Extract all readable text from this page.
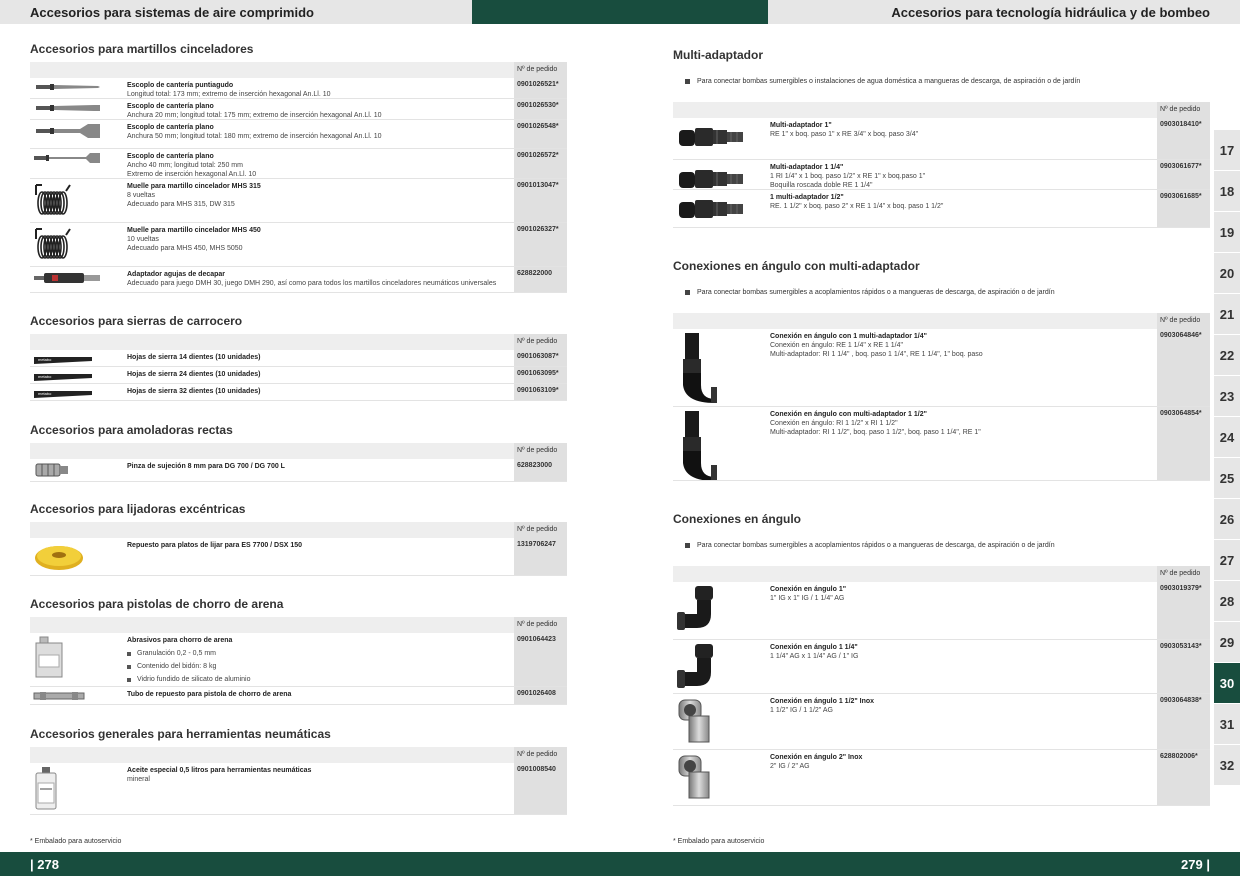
Accesorios para sistemas de aire comprimido	Accesorios para tecnología hidráulica y de bombeo
Accesorios para martillos cinceladores
Nº de pedido
Escoplo de cantería puntiagudo
Longitud total: 173 mm; extremo de inserción hexagonal An.Ll. 10
0901026521*
Escoplo de cantería plano
Anchura 20 mm; longitud total: 175 mm; extremo de inserción hexagonal An.Ll. 10
0901026530*
Escoplo de cantería plano
Anchura 50 mm; longitud total: 180 mm; extremo de inserción hexagonal An.Ll. 10
0901026548*
Escoplo de cantería plano
Ancho 40 mm; longitud total: 250 mm
Extremo de inserción hexagonal An.Ll. 10
0901026572*
Muelle para martillo cincelador MHS 315
8 vueltas
Adecuado para MHS 315, DW 315
0901013047*
Muelle para martillo cincelador MHS 450
10 vueltas
Adecuado para MHS 450, MHS 5050
0901026327*
Adaptador agujas de decapar
Adecuado para juego DMH 30, juego DMH 290, así como para todos los martillos cinceladores neumáticos universales
628822000
Accesorios para sierras de carrocero
Nº de pedido
metabo	Hojas de sierra 14 dientes (10 unidades)	0901063087*
metabo	Hojas de sierra 24 dientes (10 unidades)	0901063095*
metabo	Hojas de sierra 32 dientes (10 unidades)	0901063109*
Accesorios para amoladoras rectas
Nº de pedido
Pinza de sujeción 8 mm para DG 700 / DG 700 L	628823000
Accesorios para lijadoras excéntricas
Nº de pedido
Repuesto para platos de lijar para ES 7700 / DSX 150	1319706247
Accesorios para pistolas de chorro de arena
Nº de pedido
Abrasivos para chorro de arena
Granulación 0,2 - 0,5 mm
Contenido del bidón: 8 kg
Vidrio fundido de silicato de aluminio
0901064423
Tubo de repuesto para pistola de chorro de arena	0901026408
Accesorios generales para herramientas neumáticas
Nº de pedido
Aceite especial 0,5 litros para herramientas neumáticas
mineral
0901008540
Multi-adaptador
Para conectar bombas sumergibles o instalaciones de agua doméstica a mangueras de descarga, de aspiración o de jardín
Nº de pedido
Multi-adaptador 1"
RE 1" x boq. paso 1" x RE 3/4" x boq. paso 3/4"
0903018410*
Multi-adaptador 1 1/4"
1 RI 1/4" x 1 boq. paso 1/2" x RE 1" x boq.paso 1"
Boquilla roscada doble RE 1 1/4"
0903061677*
1 multi-adaptador 1/2"
RE. 1 1/2" x boq. paso 2" x RE 1 1/4" x boq. paso 1 1/2"
0903061685*
Conexiones en ángulo con multi-adaptador
Para conectar bombas sumergibles a acoplamientos rápidos o a mangueras de descarga, de aspiración o de jardín
Nº de pedido
Conexión en ángulo con 1 multi-adaptador 1/4"
Conexión en ángulo: RE 1 1/4" x RE 1 1/4"
Multi-adaptador: RI 1 1/4" , boq. paso 1 1/4", RE 1 1/4", 1" boq. paso
0903064846*
Conexión en ángulo con multi-adaptador 1 1/2"
Conexión en ángulo: RI 1 1/2" x RI 1 1/2"
Multi-adaptador: RI 1 1/2", boq. paso 1 1/2", boq. paso 1 1/4", RE 1"
0903064854*
Conexiones en ángulo
Para conectar bombas sumergibles a acoplamientos rápidos o a mangueras de descarga, de aspiración o de jardín
Nº de pedido
Conexión en ángulo 1"
1" IG x 1" IG / 1 1/4" AG
0903019379*
Conexión en ángulo 1 1/4"
1 1/4" AG x 1 1/4" AG / 1" IG
0903053143*
Conexión en ángulo 1 1/2" Inox
1 1/2" IG / 1 1/2" AG
0903064838*
Conexión en ángulo 2" Inox
2" IG / 2" AG
628802006*
17
18
19
20
21
22
23
24
25
26
27
28
29
30
31
32
* Embalado para autoservicio	* Embalado para autoservicio
| 278	279 |
